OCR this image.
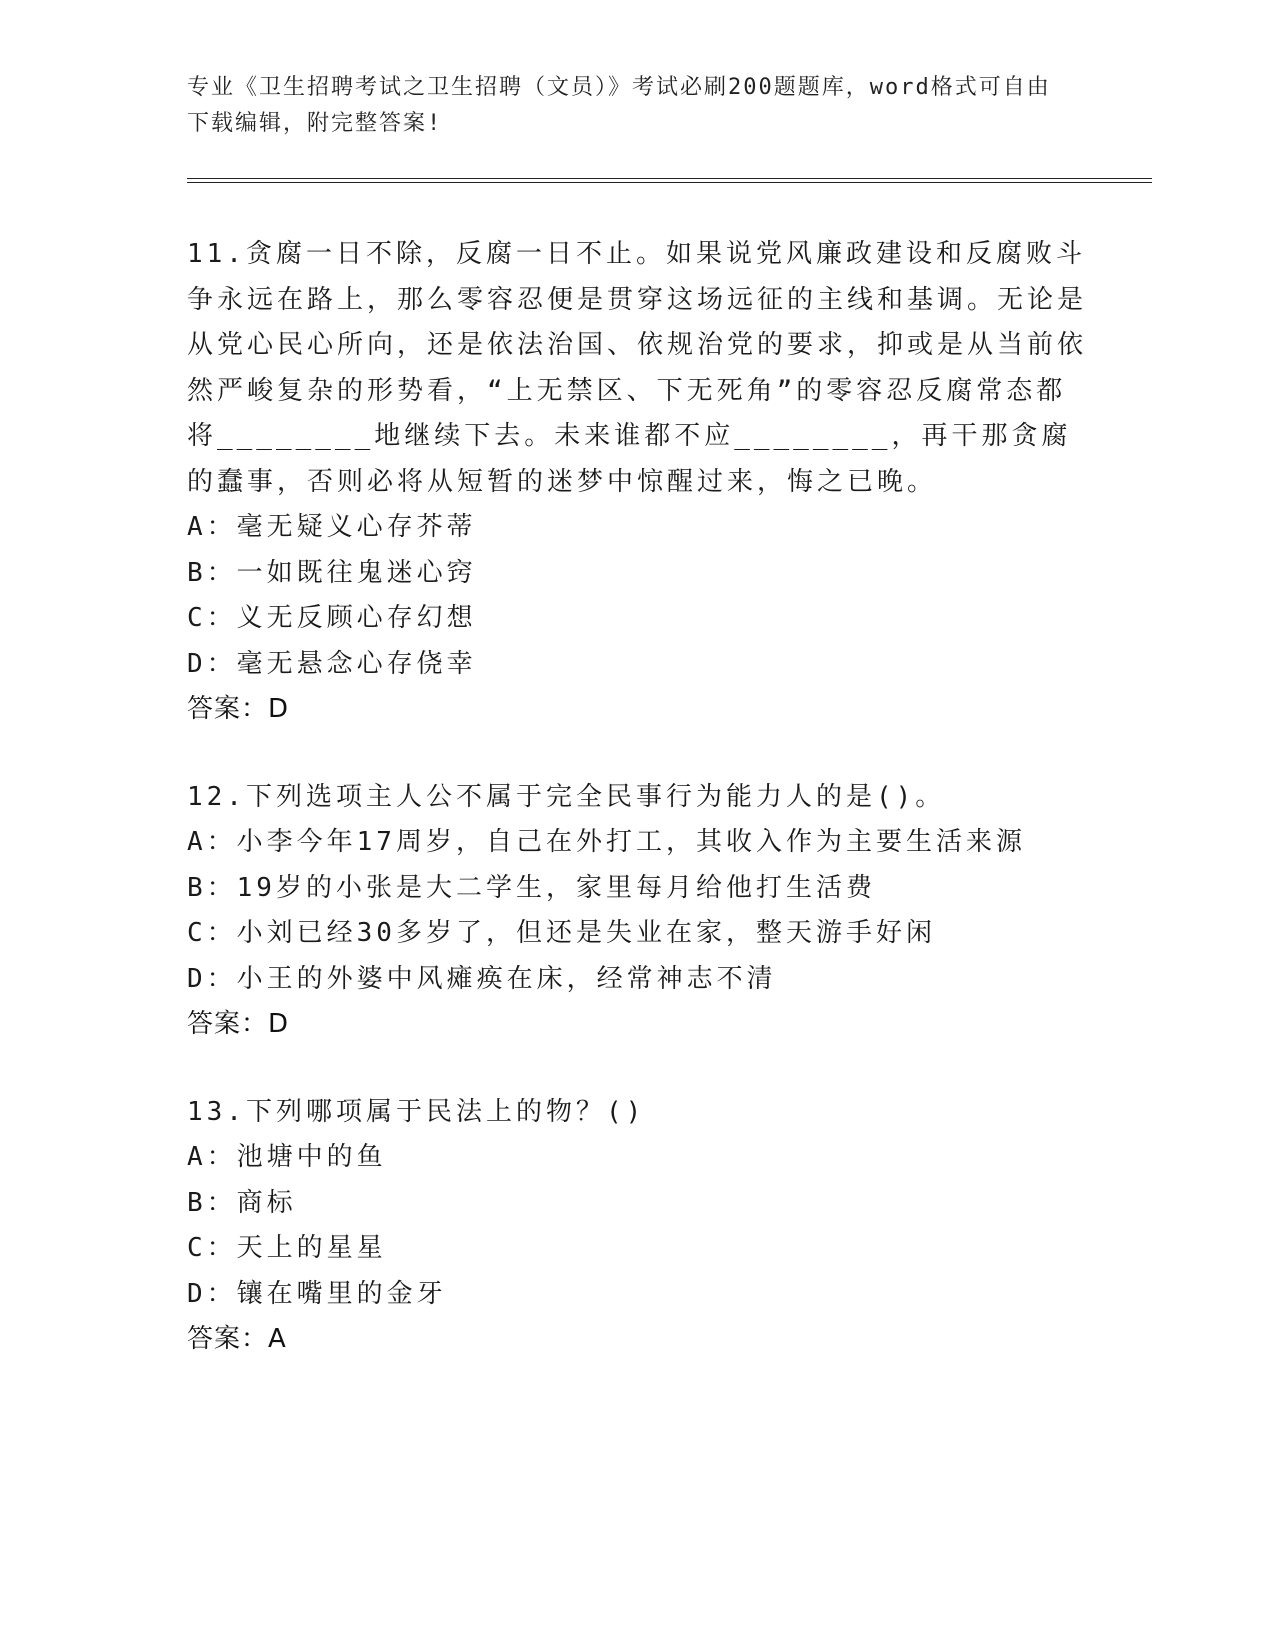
专业《卫生招聘考试之卫生招聘（文员）》考试必刷200题题库，word格式可自由下载编辑，附完整答案!
11.贪腐一日不除，反腐一日不止。如果说党风廉政建设和反腐败斗争永远在路上，那么零容忍便是贯穿这场远征的主线和基调。无论是从党心民心所向，还是依法治国、依规治党的要求，抑或是从当前依然严峻复杂的形势看，“上无禁区、下无死角”的零容忍反腐常态都将________地继续下去。未来谁都不应________，再干那贪腐的蠢事，否则必将从短暂的迷梦中惊醒过来，悔之已晚。
A：毫无疑义心存芥蒂
B：一如既往鬼迷心窍
C：义无反顾心存幻想
D：毫无悬念心存侥幸
答案：D
12.下列选项主人公不属于完全民事行为能力人的是()。
A：小李今年17周岁，自己在外打工，其收入作为主要生活来源
B：19岁的小张是大二学生，家里每月给他打生活费
C：小刘已经30多岁了，但还是失业在家，整天游手好闲
D：小王的外婆中风瘫痪在床，经常神志不清
答案：D
13.下列哪项属于民法上的物？()
A：池塘中的鱼
B：商标
C：天上的星星
D：镶在嘴里的金牙
答案：A
